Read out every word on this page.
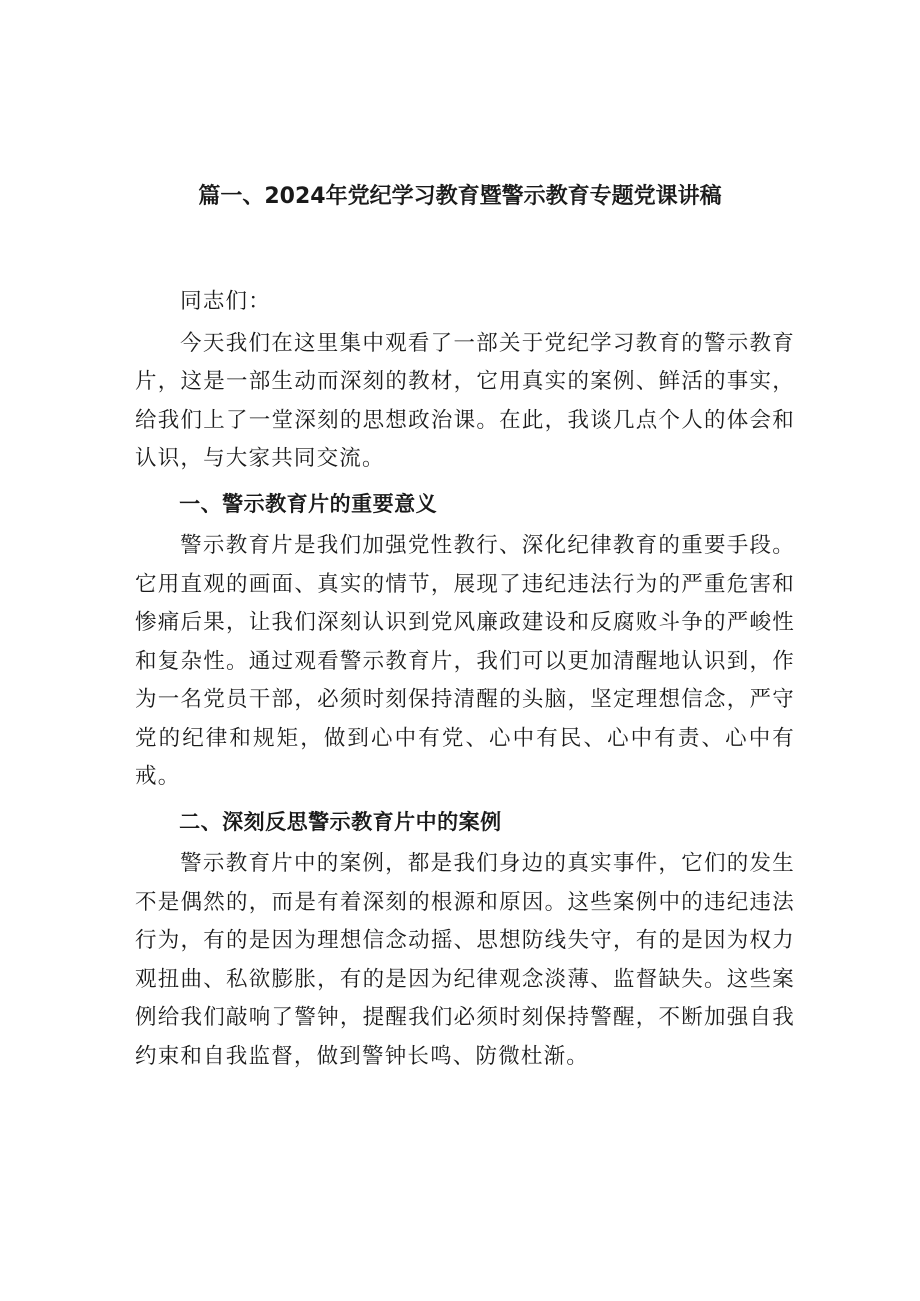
篇一、2024年党纪学习教育暨警示教育专题党课讲稿

同志们：

今天我们在这里集中观看了一部关于党纪学习教育的警示教育片，这是一部生动而深刻的教材，它用真实的案例、鲜活的事实，给我们上了一堂深刻的思想政治课。在此，我谈几点个人的体会和认识，与大家共同交流。

一、警示教育片的重要意义

警示教育片是我们加强党性教行、深化纪律教育的重要手段。它用直观的画面、真实的情节，展现了违纪违法行为的严重危害和惨痛后果，让我们深刻认识到党风廉政建设和反腐败斗争的严峻性和复杂性。通过观看警示教育片，我们可以更加清醒地认识到，作为一名党员干部，必须时刻保持清醒的头脑，坚定理想信念，严守党的纪律和规矩，做到心中有党、心中有民、心中有责、心中有戒。

二、深刻反思警示教育片中的案例

警示教育片中的案例，都是我们身边的真实事件，它们的发生不是偶然的，而是有着深刻的根源和原因。这些案例中的违纪违法行为，有的是因为理想信念动摇、思想防线失守，有的是因为权力观扭曲、私欲膨胀，有的是因为纪律观念淡薄、监督缺失。这些案例给我们敲响了警钟，提醒我们必须时刻保持警醒，不断加强自我约束和自我监督，做到警钟长鸣、防微杜渐。
